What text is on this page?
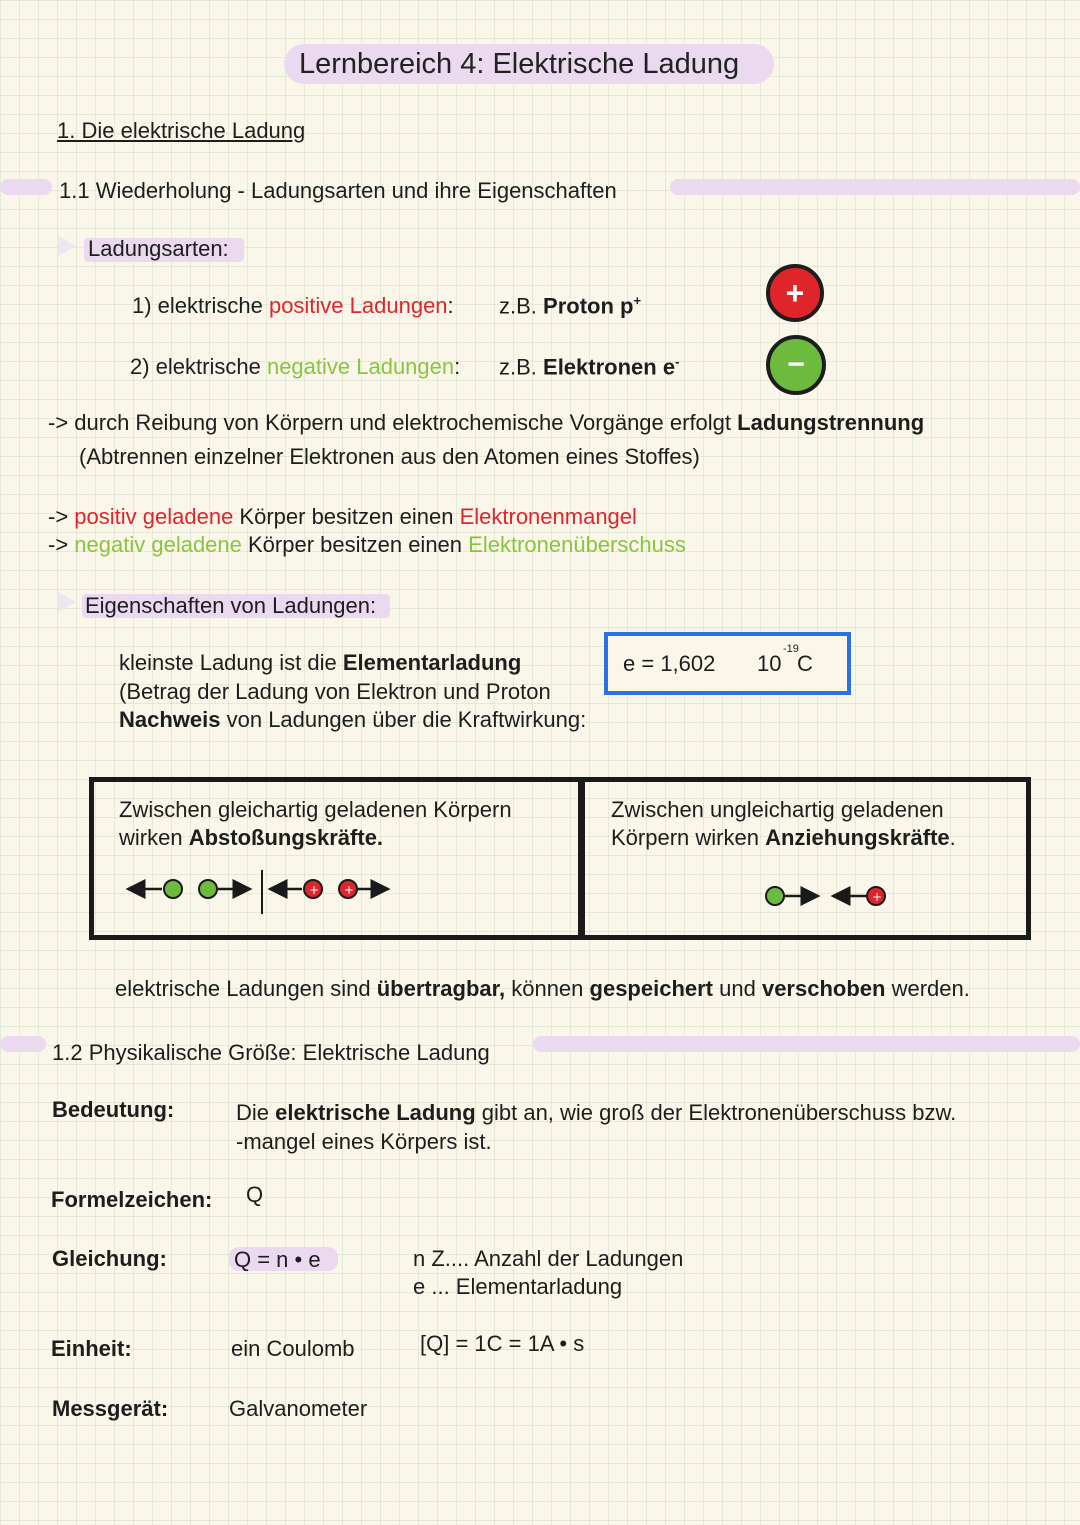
Lernbereich 4: Elektrische Ladung
1. Die elektrische Ladung
1.1 Wiederholung - Ladungsarten und ihre Eigenschaften
Ladungsarten:
1) elektrische positive Ladungen: z.B. Proton p+	+
2) elektrische negative Ladungen: z.B. Elektronen e-	−
-> durch Reibung von Körpern und elektrochemische Vorgänge erfolgt Ladungstrennung
(Abtrennen einzelner Elektronen aus den Atomen eines Stoffes)
-> positiv geladene Körper besitzen einen Elektronenmangel
-> negativ geladene Körper besitzen einen Elektronenüberschuss
Eigenschaften von Ladungen:
kleinste Ladung ist die Elementarladung
(Betrag der Ladung von Elektron und Proton
Nachweis von Ladungen über die Kraftwirkung:
e = 1,602 10
-19
C
Zwischen gleichartig geladenen Körpern
wirken Abstoßungskräfte.
+ +
Zwischen ungleichartig geladenen
Körpern wirken Anziehungskräfte.
+
elektrische Ladungen sind übertragbar, können gespeichert und verschoben werden.
1.2 Physikalische Größe: Elektrische Ladung
Bedeutung:	Die elektrische Ladung gibt an, wie groß der Elektronenüberschuss bzw.
-mangel eines Körpers ist.
Formelzeichen: Q
Gleichung:	Q = n • e	n Z.... Anzahl der Ladungen
e ... Elementarladung
Einheit:	ein Coulomb	[Q] = 1C = 1A • s
Messgerät:	Galvanometer
